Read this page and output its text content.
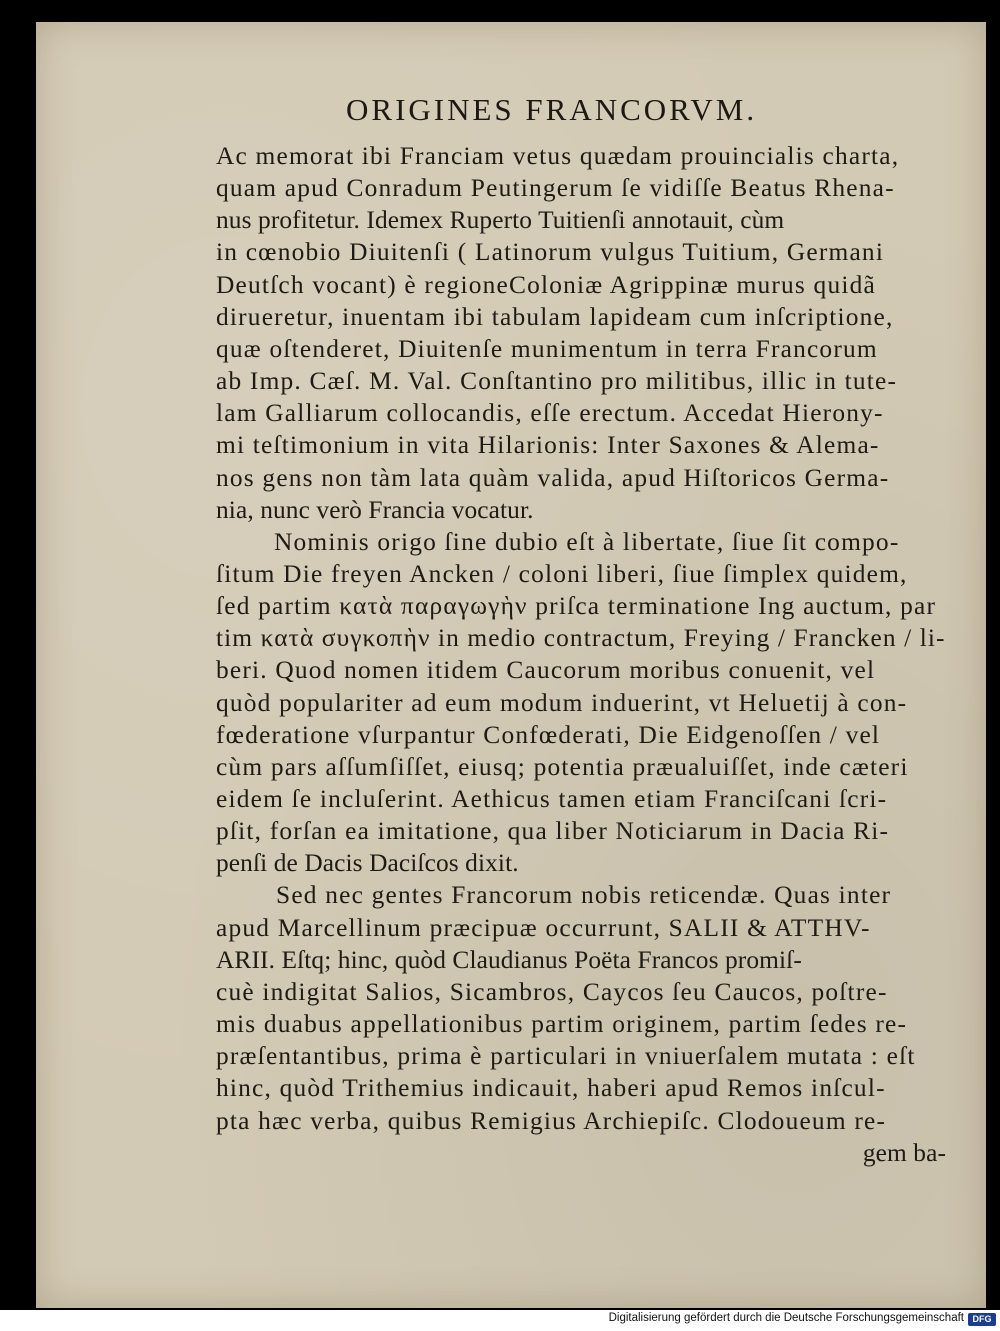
ORIGINES FRANCORVM.
Ac memorat ibi Franciam vetus quædam prouincialis charta,
quam apud Conradum Peutingerum ſe vidiſſe Beatus Rhena-
nus profitetur. Idemex Ruperto Tuitienſi annotauit, cùm
in cœnobio Diuitenſi ( Latinorum vulgus Tuitium, Germani
Deutſch vocant) è regioneColoniæ Agrippinæ murus quidã
dirueretur, inuentam ibi tabulam lapideam cum inſcriptione,
quæ oſtenderet, Diuitenſe munimentum in terra Francorum
ab Imp. Cæſ. M. Val. Conſtantino pro militibus, illic in tute-
lam Galliarum collocandis, eſſe erectum. Accedat Hierony-
mi teſtimonium in vita Hilarionis: Inter Saxones & Alema-
nos gens non tàm lata quàm valida, apud Hiſtoricos Germa-
nia, nunc verò Francia vocatur.
Nominis origo ſine dubio eſt à libertate, ſiue ſit compo-
ſitum Die freyen Ancken / coloni liberi, ſiue ſimplex quidem,
ſed partim κατὰ παραγωγὴν priſca terminatione Ing auctum, par
tim κατὰ συγκοπὴν in medio contractum, Freying / Francken / li-
beri. Quod nomen itidem Caucorum moribus conuenit, vel
quòd populariter ad eum modum induerint, vt Heluetij à con-
fœderatione vſurpantur Confœderati, Die Eidgenoſſen / vel
cùm pars aſſumſiſſet, eiusq; potentia præualuiſſet, inde cæteri
eidem ſe incluſerint. Aethicus tamen etiam Franciſcani ſcri-
pſit, forſan ea imitatione, qua liber Noticiarum in Dacia Ri-
penſi de Dacis Daciſcos dixit.
Sed nec gentes Francorum nobis reticendæ. Quas inter
apud Marcellinum præcipuæ occurrunt, SALII & ATTHV-
ARII. Eſtq; hinc, quòd Claudianus Poëta Francos promiſ-
cuè indigitat Salios, Sicambros, Caycos ſeu Caucos, poſtre-
mis duabus appellationibus partim originem, partim ſedes re-
præſentantibus, prima è particulari in vniuerſalem mutata : eſt
hinc, quòd Trithemius indicauit, haberi apud Remos inſcul-
pta hæc verba, quibus Remigius Archiepiſc. Clodoueum re-
gem ba-
Digitalisierung gefördert durch die Deutsche Forschungsgemeinschaft DFG
